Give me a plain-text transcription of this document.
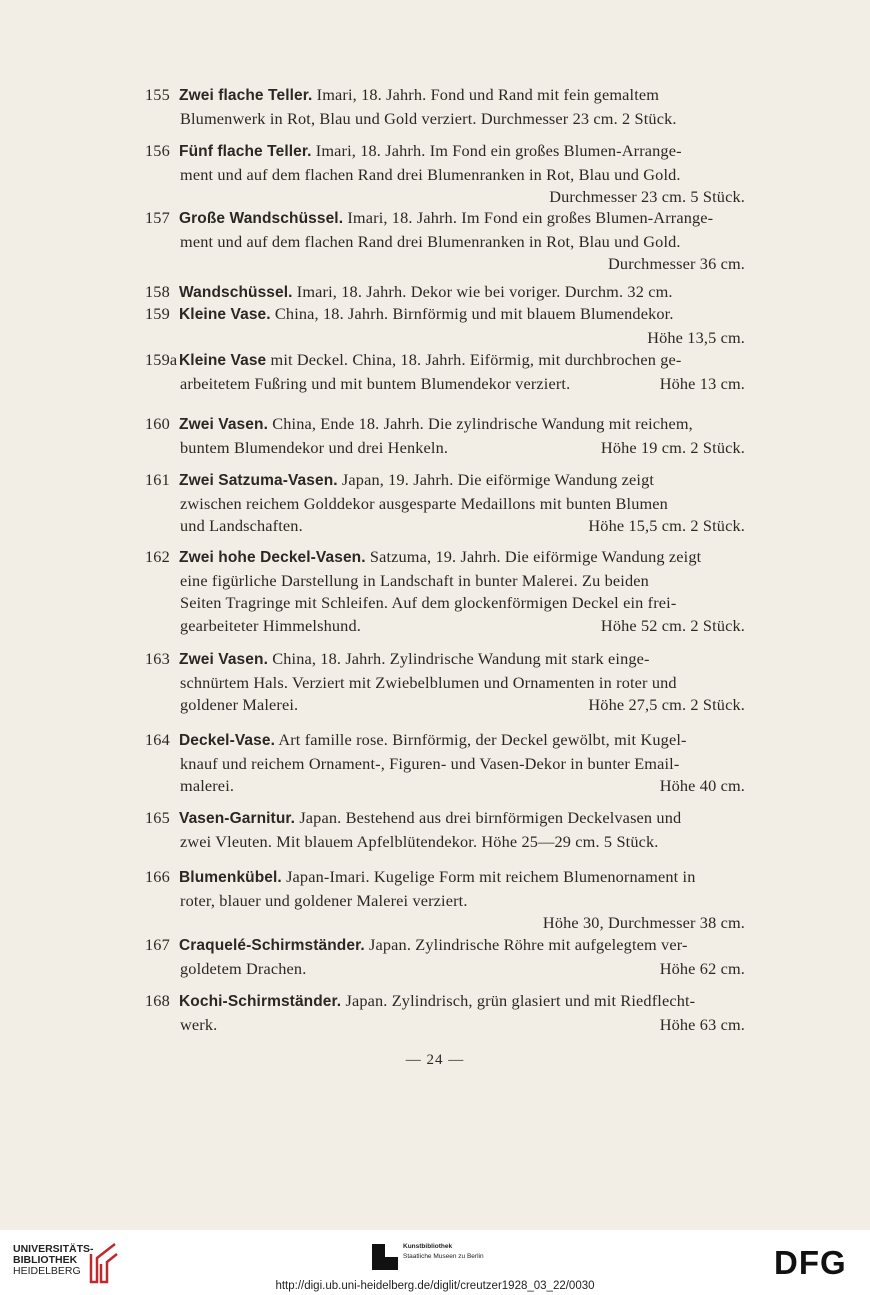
155 Zwei flache Teller. Imari, 18. Jahrh. Fond und Rand mit fein gemaltem
Blumenwerk in Rot, Blau und Gold verziert. Durchmesser 23 cm. 2 Stück.
156 Fünf flache Teller. Imari, 18. Jahrh. Im Fond ein großes Blumen-Arrange-
ment und auf dem flachen Rand drei Blumenranken in Rot, Blau und Gold.
Durchmesser 23 cm. 5 Stück.
157 Große Wandschüssel. Imari, 18. Jahrh. Im Fond ein großes Blumen-Arrange-
ment und auf dem flachen Rand drei Blumenranken in Rot, Blau und Gold.
Durchmesser 36 cm.
158 Wandschüssel. Imari, 18. Jahrh. Dekor wie bei voriger. Durchm. 32 cm.
159 Kleine Vase. China, 18. Jahrh. Birnförmig und mit blauem Blumendekor.
Höhe 13,5 cm.
159a Kleine Vase mit Deckel. China, 18. Jahrh. Eiförmig, mit durchbrochen ge-
arbeitetem Fußring und mit buntem Blumendekor verziert.	Höhe 13 cm.
160 Zwei Vasen. China, Ende 18. Jahrh. Die zylindrische Wandung mit reichem,
buntem Blumendekor und drei Henkeln.	Höhe 19 cm. 2 Stück.
161 Zwei Satzuma-Vasen. Japan, 19. Jahrh. Die eiförmige Wandung zeigt
zwischen reichem Golddekor ausgesparte Medaillons mit bunten Blumen
und Landschaften.	Höhe 15,5 cm. 2 Stück.
162 Zwei hohe Deckel-Vasen. Satzuma, 19. Jahrh. Die eiförmige Wandung zeigt
eine figürliche Darstellung in Landschaft in bunter Malerei. Zu beiden
Seiten Tragringe mit Schleifen. Auf dem glockenförmigen Deckel ein frei-
gearbeiteter Himmelshund.	Höhe 52 cm. 2 Stück.
163 Zwei Vasen. China, 18. Jahrh. Zylindrische Wandung mit stark einge-
schnürtem Hals. Verziert mit Zwiebelblumen und Ornamenten in roter und
goldener Malerei.	Höhe 27,5 cm. 2 Stück.
164 Deckel-Vase. Art famille rose. Birnförmig, der Deckel gewölbt, mit Kugel-
knauf und reichem Ornament-, Figuren- und Vasen-Dekor in bunter Email-
malerei.	Höhe 40 cm.
165 Vasen-Garnitur. Japan. Bestehend aus drei birnförmigen Deckelvasen und
zwei Vleuten. Mit blauem Apfelblütendekor. Höhe 25—29 cm. 5 Stück.
166 Blumenkübel. Japan-Imari. Kugelige Form mit reichem Blumenornament in
roter, blauer und goldener Malerei verziert.
Höhe 30, Durchmesser 38 cm.
167 Craquelé-Schirmständer. Japan. Zylindrische Röhre mit aufgelegtem ver-
goldetem Drachen.	Höhe 62 cm.
168 Kochi-Schirmständer. Japan. Zylindrisch, grün glasiert und mit Riedflecht-
werk.	Höhe 63 cm.
— 24 —
UNIVERSITÄTS-
BIBLIOTHEK
HEIDELBERG
Kunstbibliothek
Staatliche Museen zu Berlin	DFG
http://digi.ub.uni-heidelberg.de/diglit/creutzer1928_03_22/0030
